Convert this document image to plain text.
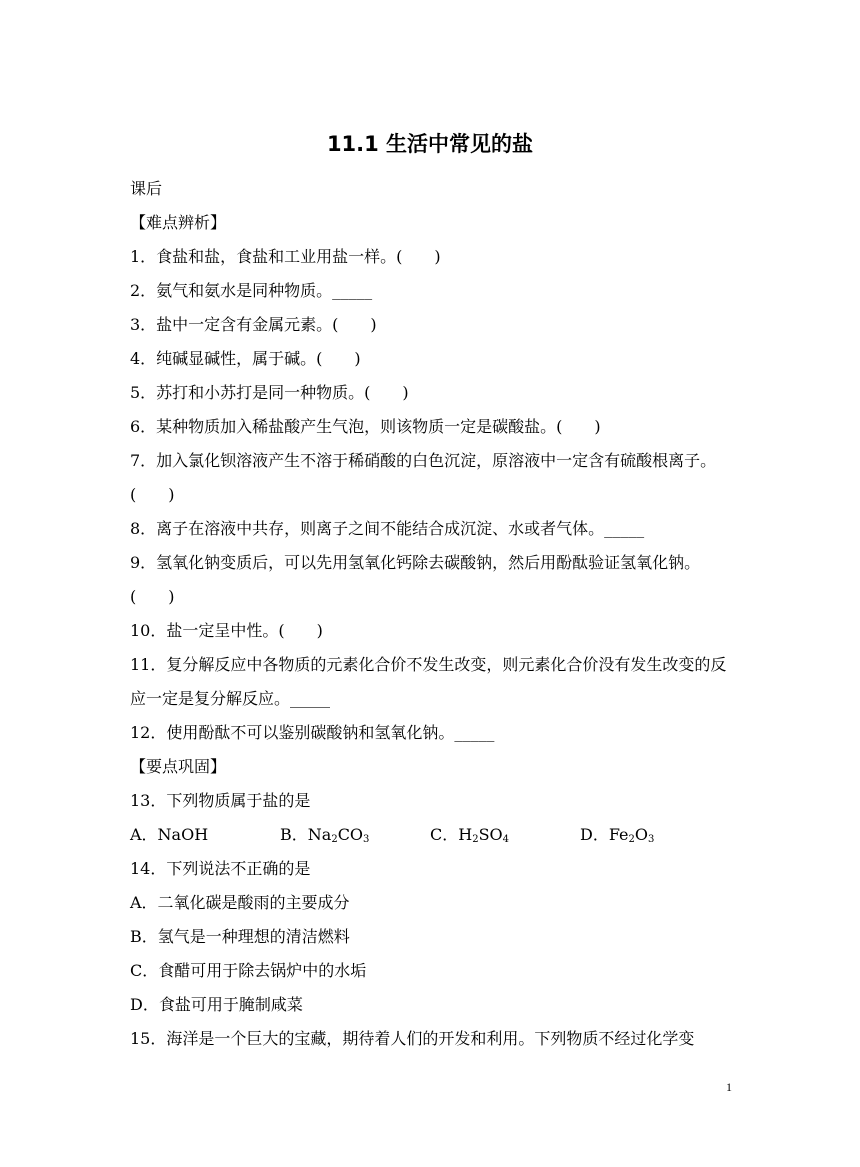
11.1 生活中常见的盐
课后
【难点辨析】
1．食盐和盐，食盐和工业用盐一样。(　　)
2．氨气和氨水是同种物质。_____
3．盐中一定含有金属元素。(　　)
4．纯碱显碱性，属于碱。(　　)
5．苏打和小苏打是同一种物质。(　　)
6．某种物质加入稀盐酸产生气泡，则该物质一定是碳酸盐。(　　)
7．加入氯化钡溶液产生不溶于稀硝酸的白色沉淀，原溶液中一定含有硫酸根离子。(　　)
8．离子在溶液中共存，则离子之间不能结合成沉淀、水或者气体。_____
9．氢氧化钠变质后，可以先用氢氧化钙除去碳酸钠，然后用酚酞验证氢氧化钠。(　　)
10．盐一定呈中性。(　　)
11．复分解反应中各物质的元素化合价不发生改变，则元素化合价没有发生改变的反应一定是复分解反应。_____
12．使用酚酞不可以鉴别碳酸钠和氢氧化钠。_____
【要点巩固】
13．下列物质属于盐的是
A．NaOH	B．$Na_2CO_3$	C．$H_2SO_4$	D．$Fe_2O_3$
14．下列说法不正确的是
A．二氧化碳是酸雨的主要成分
B．氢气是一种理想的清洁燃料
C．食醋可用于除去锅炉中的水垢
D．食盐可用于腌制咸菜
15．海洋是一个巨大的宝藏，期待着人们的开发和利用。下列物质不经过化学变
1
